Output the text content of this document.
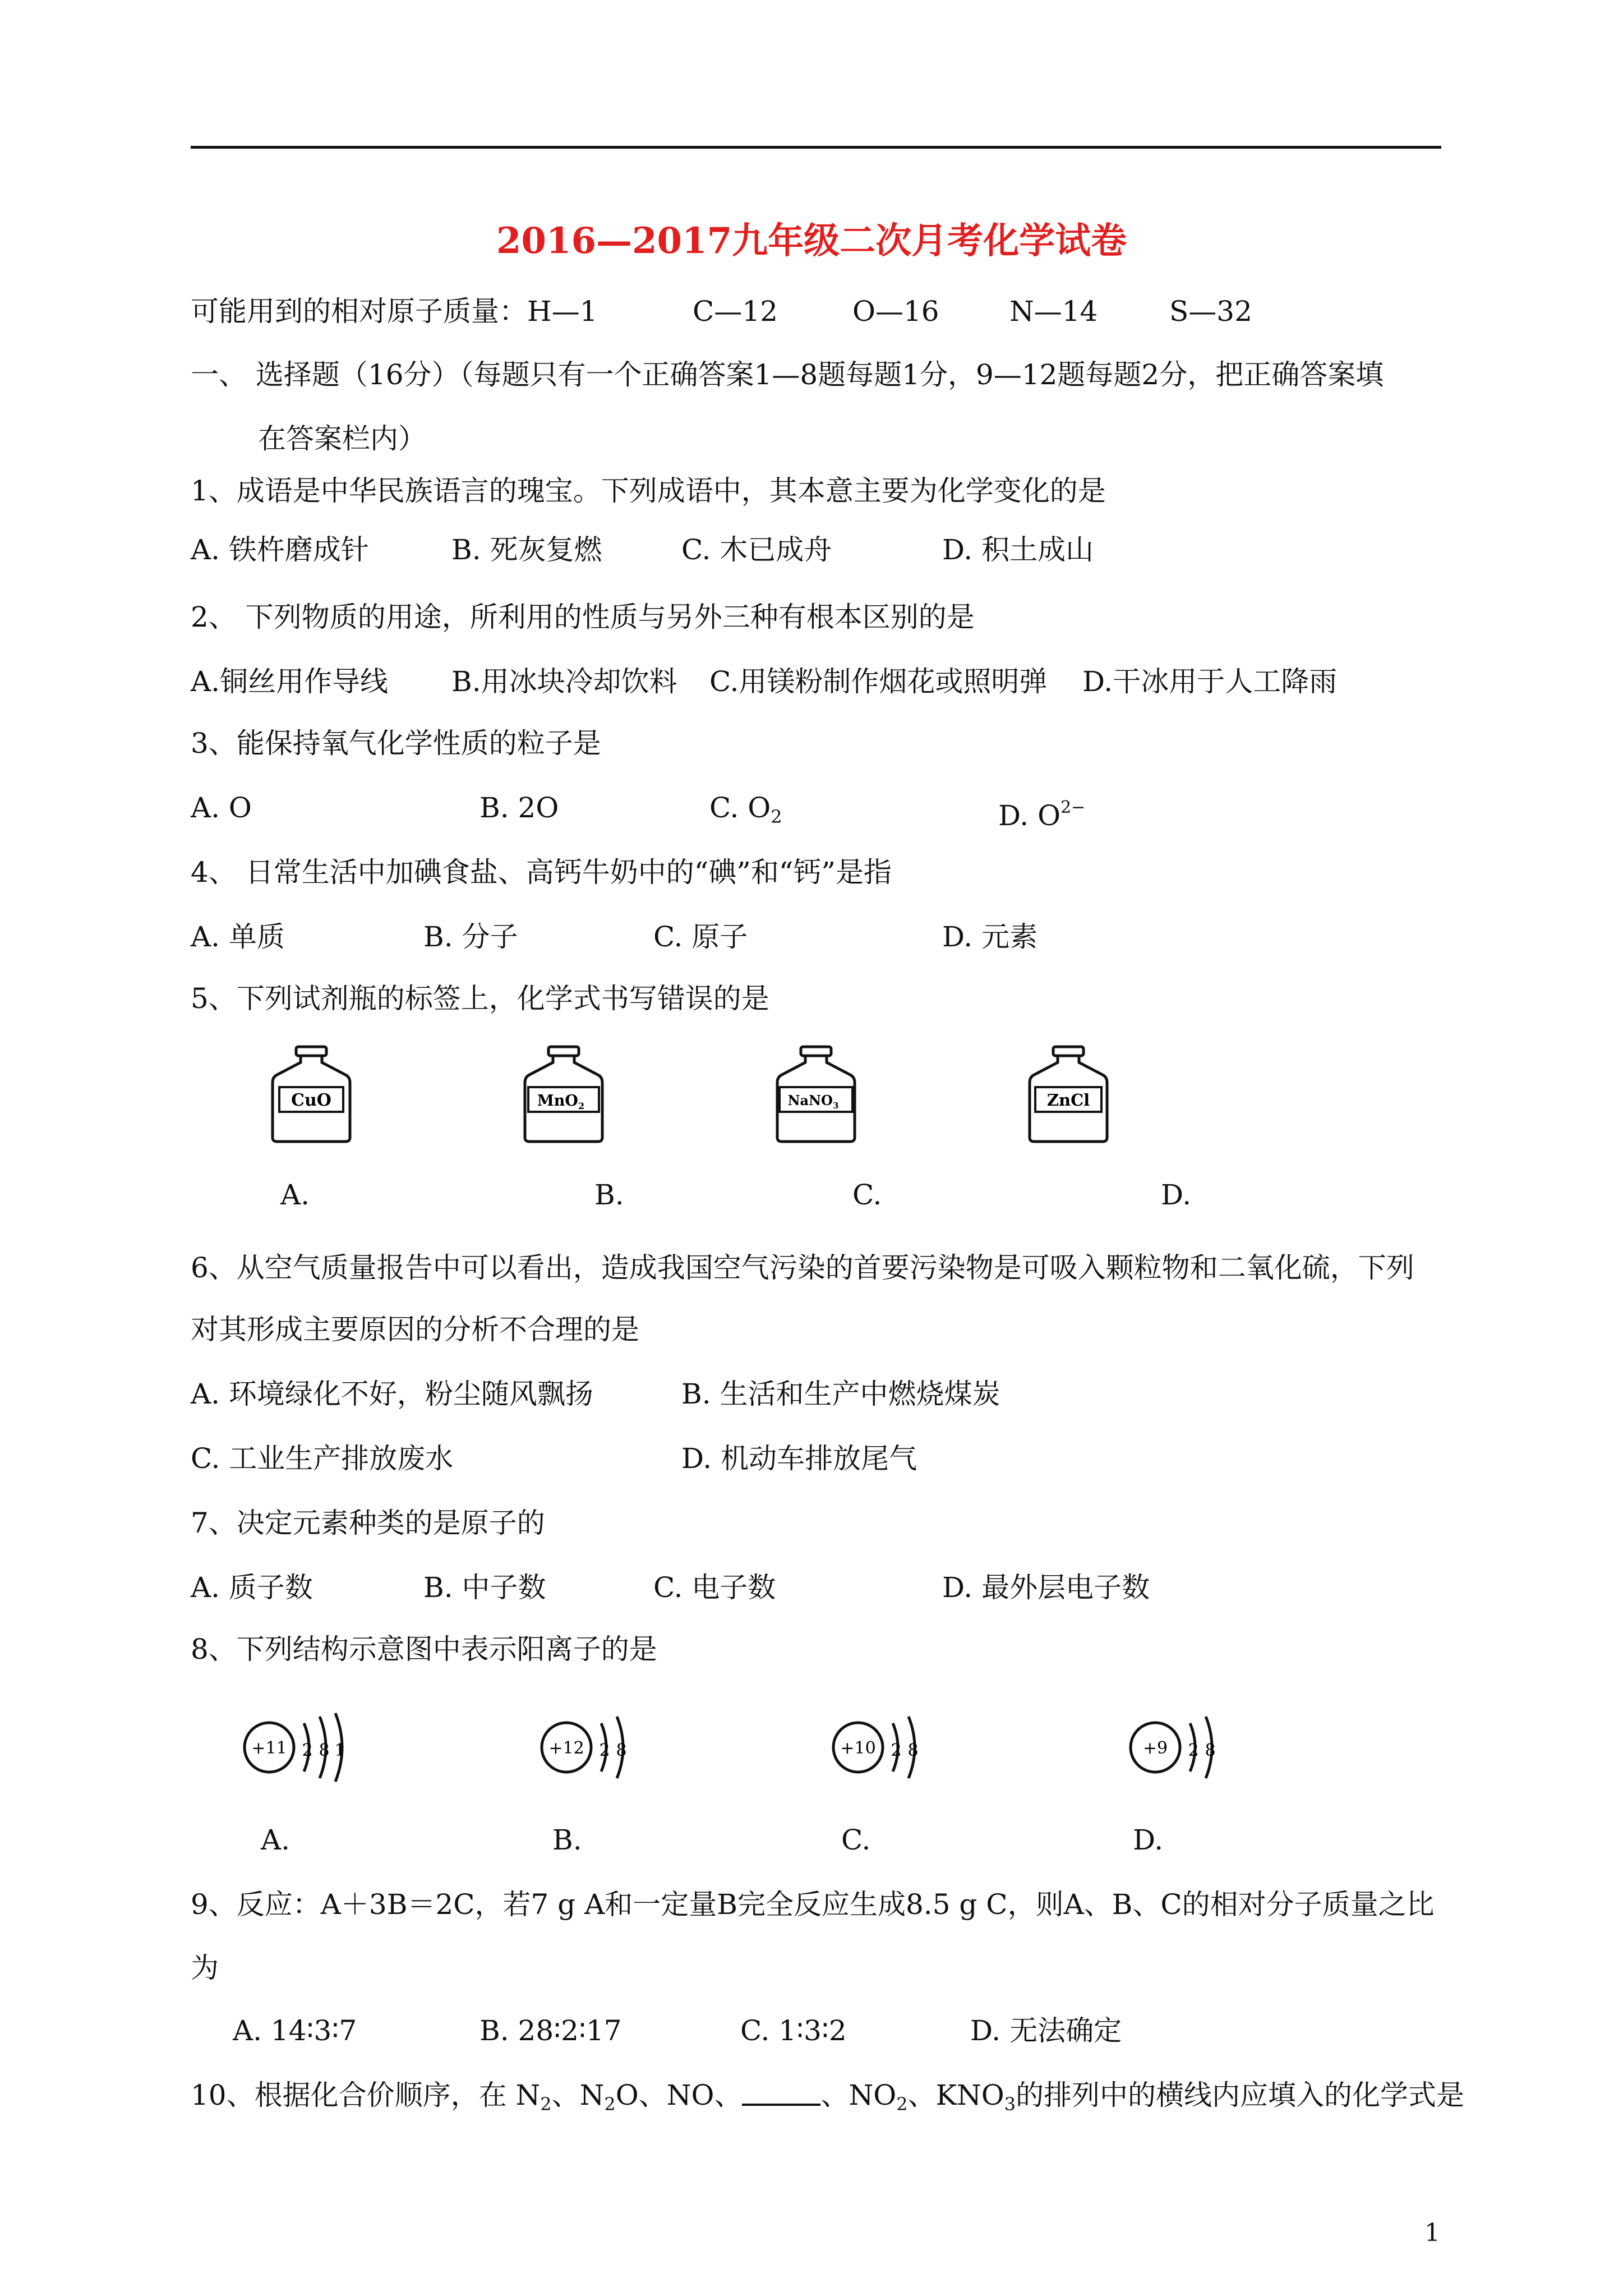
2016—2017九年级二次月考化学试卷
可能用到的相对原子质量：H—1	C—12	O—16	N—14	S—32
一、 选择题（16分）（每题只有一个正确答案1—8题每题1分，9—12题每题2分，把正确答案填
在答案栏内）
1、成语是中华民族语言的瑰宝。下列成语中，其本意主要为化学变化的是
A. 铁杵磨成针	B. 死灰复燃	C. 木已成舟	D. 积土成山
2、 下列物质的用途，所利用的性质与另外三种有根本区别的是
A.铜丝用作导线 B.用冰块冷却饮料 C.用镁粉制作烟花或照明弹 D.干冰用于人工降雨
3、能保持氧气化学性质的粒子是
A. O	B. 2O	C. $O_2$	D. $O^{2-}$
4、 日常生活中加碘食盐、高钙牛奶中的“碘”和“钙”是指
A. 单质	B. 分子	C. 原子	D. 元素
5、下列试剂瓶的标签上，化学式书写错误的是
CuO	MnO$_2$	NaNO$_3$	ZnCl
A.	B.	C.	D.
6、从空气质量报告中可以看出，造成我国空气污染的首要污染物是可吸入颗粒物和二氧化硫，下列
对其形成主要原因的分析不合理的是
A. 环境绿化不好，粉尘随风飘扬	B. 生活和生产中燃烧煤炭
C. 工业生产排放废水	D. 机动车排放尾气
7、决定元素种类的是原子的
A. 质子数	B. 中子数	C. 电子数	D. 最外层电子数
8、下列结构示意图中表示阳离子的是
+11 2 8 1	+12 2 8	+10 2 8	+9 2 8
A.	B.	C.	D.
9、反应：A＋3B＝2C，若7 g A和一定量B完全反应生成8.5 g C，则A、B、C的相对分子质量之比
为
A. 14∶3∶7	B. 28∶2∶17	C. 1∶3∶2	D. 无法确定
10、根据化合价顺序，在 $N_2$、$N_2O$、NO、	、$NO_2$、$KNO_3$的排列中的横线内应填入的化学式是
1
